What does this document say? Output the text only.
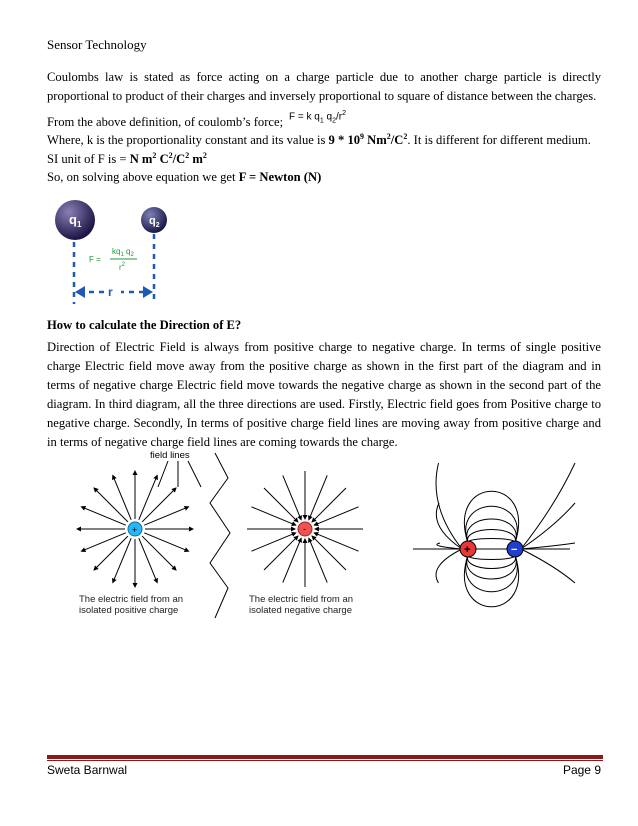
Sensor Technology
Coulombs law is stated as force acting on a charge particle due to another charge particle is directly proportional to product of their charges and inversely proportional to square of distance between the charges.
From the above definition, of coulomb’s force; F = k $q_1$ $q_2/r^2$
Where, k is the proportionality constant and its value is $9 * 10^9$ $Nm^2/C^2$. It is different for different medium.
SI unit of F is = N $m^2$ $C^2/C^2$ $m^2$
So, on solving above equation we get F = Newton (N)
$q_1$	$q_2$
F =
$kq_1$ $q_2$
$r^2$
r
How to calculate the Direction of E?
Direction of Electric Field is always from positive charge to negative charge. In terms of single positive charge Electric field move away from the positive charge as shown in the first part of the diagram and in terms of negative charge Electric field move towards the negative charge as shown in the second part of the diagram. In third diagram, all the three directions are used. Firstly, Electric field goes from Positive charge to negative charge. Secondly, In terms of positive charge field lines are moving away from positive charge and in terms of negative charge field lines are coming towards the charge.
+
field lines
-
+	−
The electric field from an
isolated positive charge
The electric field from an
isolated negative charge
Sweta Barnwal	Page 9
